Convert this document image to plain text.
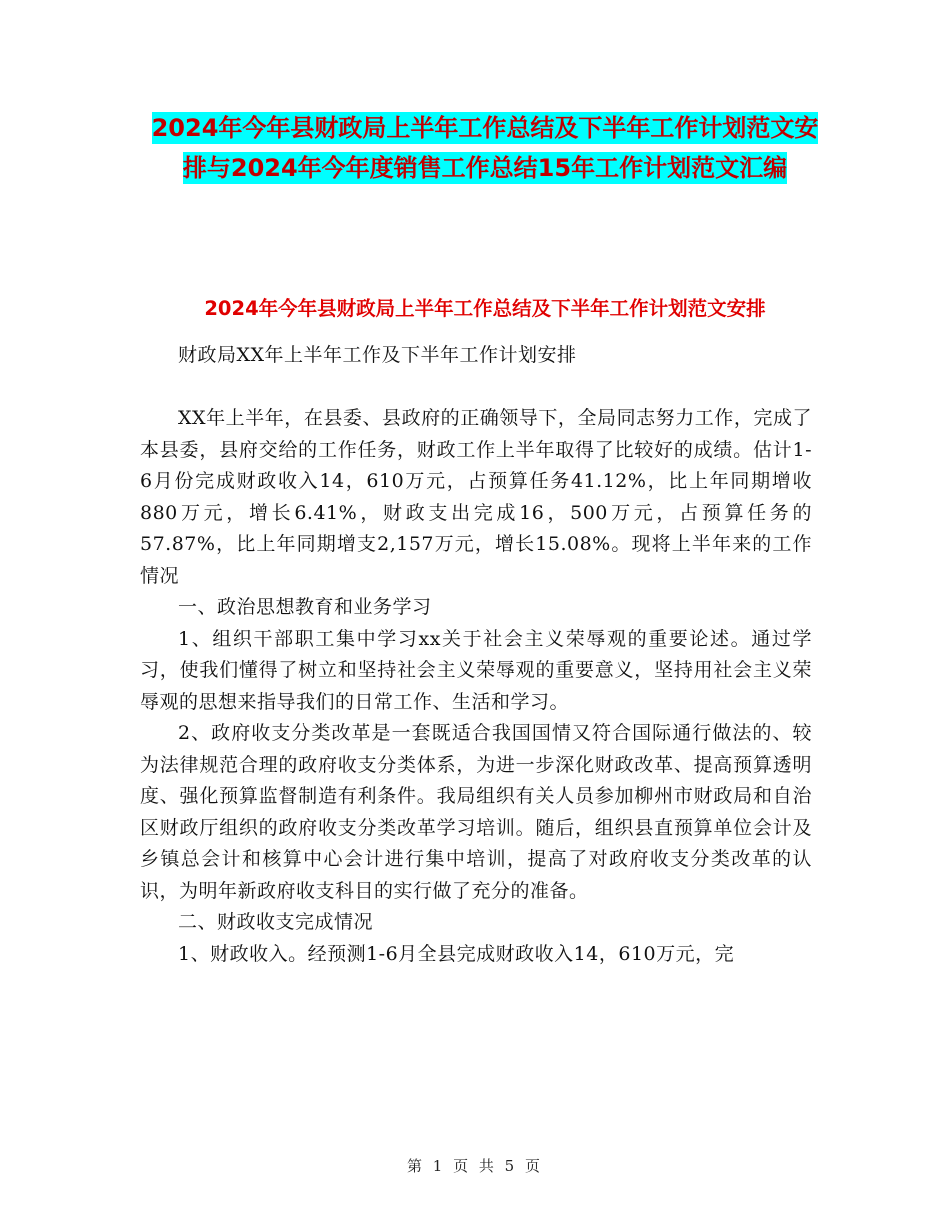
2024年今年县财政局上半年工作总结及下半年工作计划范文安排与2024年今年度销售工作总结15年工作计划范文汇编
2024年今年县财政局上半年工作总结及下半年工作计划范文安排

财政局XX年上半年工作及下半年工作计划安排

XX年上半年，在县委、县政府的正确领导下，全局同志努力工作，完成了本县委，县府交给的工作任务，财政工作上半年取得了比较好的成绩。估计1-6月份完成财政收入14，610万元，占预算任务41.12%，比上年同期增收880万元，增长6.41%，财政支出完成16，500万元，占预算任务的57.87%，比上年同期增支2,157万元，增长15.08%。现将上半年来的工作情况

一、政治思想教育和业务学习

1、组织干部职工集中学习xx关于社会主义荣辱观的重要论述。通过学习，使我们懂得了树立和坚持社会主义荣辱观的重要意义，坚持用社会主义荣辱观的思想来指导我们的日常工作、生活和学习。

2、政府收支分类改革是一套既适合我国国情又符合国际通行做法的、较为法律规范合理的政府收支分类体系，为进一步深化财政改革、提高预算透明度、强化预算监督制造有利条件。我局组织有关人员参加柳州市财政局和自治区财政厅组织的政府收支分类改革学习培训。随后，组织县直预算单位会计及乡镇总会计和核算中心会计进行集中培训，提高了对政府收支分类改革的认识，为明年新政府收支科目的实行做了充分的准备。

二、财政收支完成情况

1、财政收入。经预测1-6月全县完成财政收入14，610万元，完

第 1 页 共 5 页
